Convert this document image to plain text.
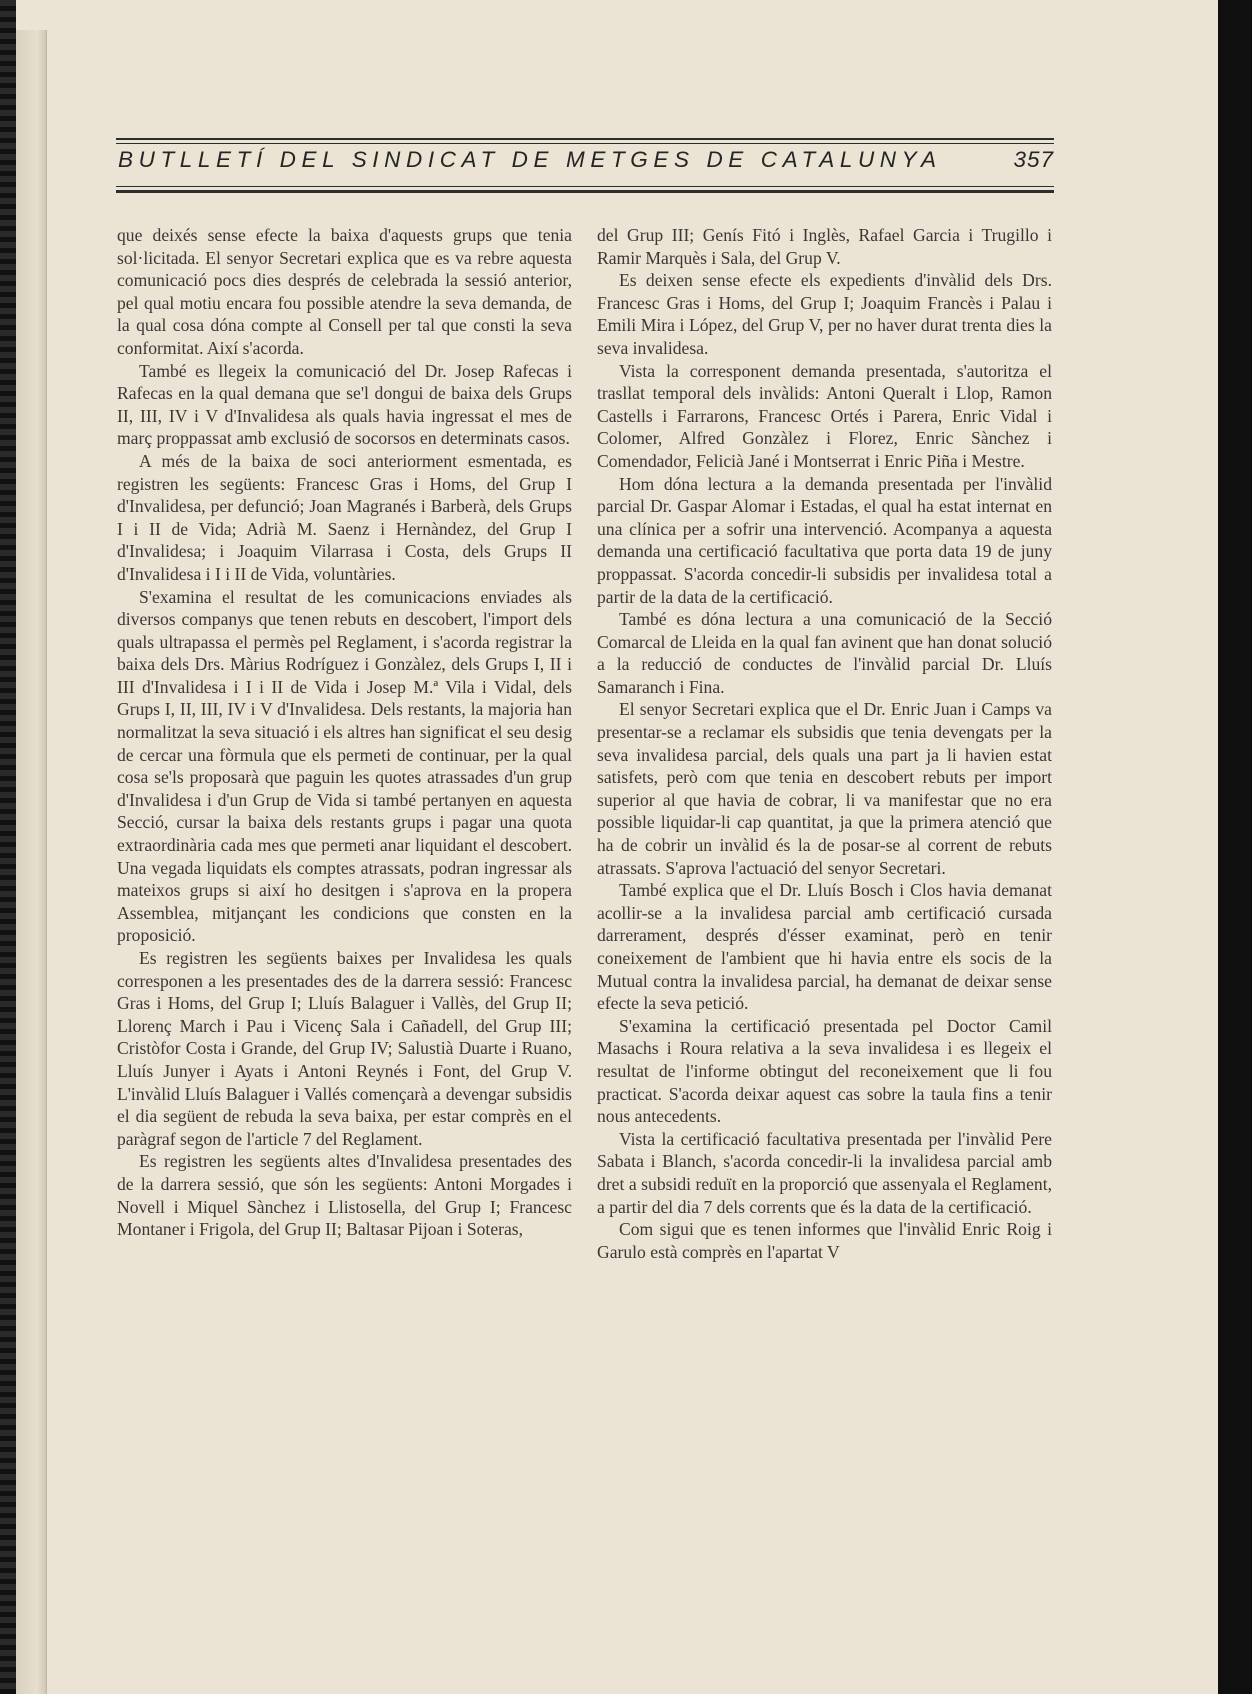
BUTLLETÍ DEL SINDICAT DE METGES DE CATALUNYA	357

que deixés sense efecte la baixa d'aquests grups que tenia sol·licitada. El senyor Secretari explica que es va rebre aquesta comunicació pocs dies després de celebrada la sessió anterior, pel qual motiu encara fou possible atendre la seva demanda, de la qual cosa dóna compte al Consell per tal que consti la seva conformitat. Així s'acorda.

També es llegeix la comunicació del Dr. Josep Rafecas i Rafecas en la qual demana que se'l dongui de baixa dels Grups II, III, IV i V d'Invalidesa als quals havia ingressat el mes de març proppassat amb exclusió de socorsos en determinats casos.

A més de la baixa de soci anteriorment esmentada, es registren les següents: Francesc Gras i Homs, del Grup I d'Invalidesa, per defunció; Joan Magranés i Barberà, dels Grups I i II de Vida; Adrià M. Saenz i Hernàndez, del Grup I d'Invalidesa; i Joaquim Vilarrasa i Costa, dels Grups II d'Invalidesa i I i II de Vida, voluntàries.

S'examina el resultat de les comunicacions enviades als diversos companys que tenen rebuts en descobert, l'import dels quals ultrapassa el permès pel Reglament, i s'acorda registrar la baixa dels Drs. Màrius Rodríguez i Gonzàlez, dels Grups I, II i III d'Invalidesa i I i II de Vida i Josep M.ª Vila i Vidal, dels Grups I, II, III, IV i V d'Invalidesa. Dels restants, la majoria han normalitzat la seva situació i els altres han significat el seu desig de cercar una fòrmula que els permeti de continuar, per la qual cosa se'ls proposarà que paguin les quotes atrassades d'un grup d'Invalidesa i d'un Grup de Vida si també pertanyen en aquesta Secció, cursar la baixa dels restants grups i pagar una quota extraordinària cada mes que permeti anar liquidant el descobert. Una vegada liquidats els comptes atrassats, podran ingressar als mateixos grups si així ho desitgen i s'aprova en la propera Assemblea, mitjançant les condicions que consten en la proposició.

Es registren les següents baixes per Invalidesa les quals corresponen a les presentades des de la darrera sessió: Francesc Gras i Homs, del Grup I; Lluís Balaguer i Vallès, del Grup II; Llorenç March i Pau i Vicenç Sala i Cañadell, del Grup III; Cristòfor Costa i Grande, del Grup IV; Salustià Duarte i Ruano, Lluís Junyer i Ayats i Antoni Reynés i Font, del Grup V. L'invàlid Lluís Balaguer i Vallés començarà a devengar subsidis el dia següent de rebuda la seva baixa, per estar comprès en el paràgraf segon de l'article 7 del Reglament.

Es registren les següents altes d'Invalidesa presentades des de la darrera sessió, que són les següents: Antoni Morgades i Novell i Miquel Sànchez i Llistosella, del Grup I; Francesc Montaner i Frigola, del Grup II; Baltasar Pijoan i Soteras,

del Grup III; Genís Fitó i Inglès, Rafael Garcia i Trugillo i Ramir Marquès i Sala, del Grup V.

Es deixen sense efecte els expedients d'invàlid dels Drs. Francesc Gras i Homs, del Grup I; Joaquim Francès i Palau i Emili Mira i López, del Grup V, per no haver durat trenta dies la seva invalidesa.

Vista la corresponent demanda presentada, s'autoritza el trasllat temporal dels invàlids: Antoni Queralt i Llop, Ramon Castells i Farrarons, Francesc Ortés i Parera, Enric Vidal i Colomer, Alfred Gonzàlez i Florez, Enric Sànchez i Comendador, Felicià Jané i Montserrat i Enric Piña i Mestre.

Hom dóna lectura a la demanda presentada per l'invàlid parcial Dr. Gaspar Alomar i Estadas, el qual ha estat internat en una clínica per a sofrir una intervenció. Acompanya a aquesta demanda una certificació facultativa que porta data 19 de juny proppassat. S'acorda concedir-li subsidis per invalidesa total a partir de la data de la certificació.

També es dóna lectura a una comunicació de la Secció Comarcal de Lleida en la qual fan avinent que han donat solució a la reducció de conductes de l'invàlid parcial Dr. Lluís Samaranch i Fina.

El senyor Secretari explica que el Dr. Enric Juan i Camps va presentar-se a reclamar els subsidis que tenia devengats per la seva invalidesa parcial, dels quals una part ja li havien estat satisfets, però com que tenia en descobert rebuts per import superior al que havia de cobrar, li va manifestar que no era possible liquidar-li cap quantitat, ja que la primera atenció que ha de cobrir un invàlid és la de posar-se al corrent de rebuts atrassats. S'aprova l'actuació del senyor Secretari.

També explica que el Dr. Lluís Bosch i Clos havia demanat acollir-se a la invalidesa parcial amb certificació cursada darrerament, després d'ésser examinat, però en tenir coneixement de l'ambient que hi havia entre els socis de la Mutual contra la invalidesa parcial, ha demanat de deixar sense efecte la seva petició.

S'examina la certificació presentada pel Doctor Camil Masachs i Roura relativa a la seva invalidesa i es llegeix el resultat de l'informe obtingut del reconeixement que li fou practicat. S'acorda deixar aquest cas sobre la taula fins a tenir nous antecedents.

Vista la certificació facultativa presentada per l'invàlid Pere Sabata i Blanch, s'acorda concedir-li la invalidesa parcial amb dret a subsidi reduït en la proporció que assenyala el Reglament, a partir del dia 7 dels corrents que és la data de la certificació.

Com sigui que es tenen informes que l'invàlid Enric Roig i Garulo està comprès en l'apartat V
